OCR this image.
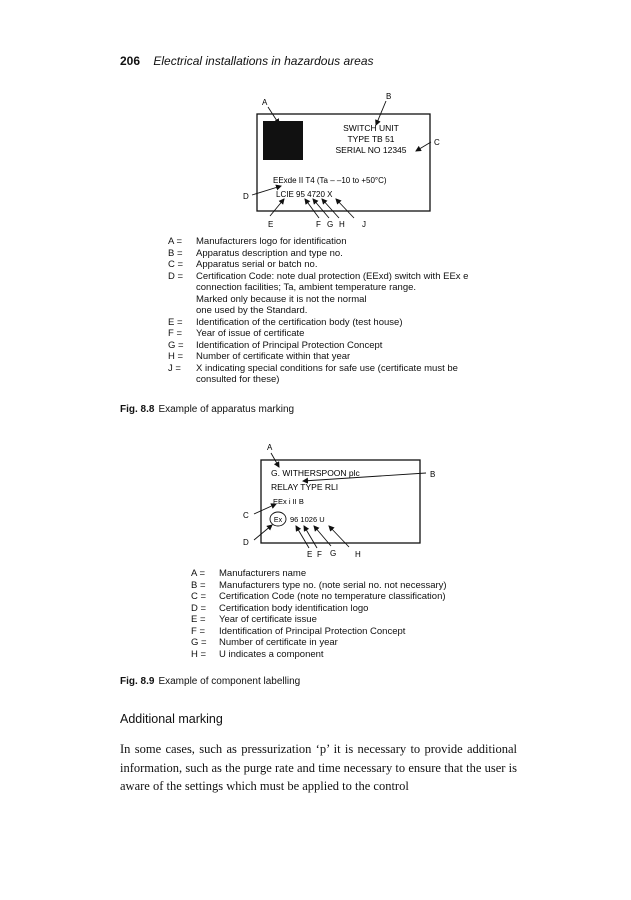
206 Electrical installations in hazardous areas
SWITCH UNIT
TYPE TB 51
SERIAL NO 12345
EExde II T4 (Ta – –10 to +50°C)
LCIE 95 4720 X
A
B
C
D
E	F G H J
G. WITHERSPOON plc
RELAY TYPE RLI
EEx i II B
Ex 96 1026 U
A
B
C
D
E F G H
A =	Manufacturers logo for identification
B =	Apparatus description and type no.
C =	Apparatus serial or batch no.
D =	Certification Code: note dual protection (EExd) switch with EEx e
connection facilities; Ta, ambient temperature range.
Marked only because it is not the normal
one used by the Standard.
E =	Identification of the certification body (test house)
F =	Year of issue of certificate
G =	Identification of Principal Protection Concept
H =	Number of certificate within that year
J =	X indicating special conditions for safe use (certificate must be
consulted for these)
Fig. 8.8 Example of apparatus marking
A =	Manufacturers name
B =	Manufacturers type no. (note serial no. not necessary)
C =	Certification Code (note no temperature classification)
D =	Certification body identification logo
E =	Year of certificate issue
F =	Identification of Principal Protection Concept
G =	Number of certificate in year
H =	U indicates a component
Fig. 8.9 Example of component labelling
Additional marking
In some cases, such as pressurization ‘p’ it is necessary to provide additional information, such as the purge rate and time necessary to ensure that the user is aware of the settings which must be applied to the control
